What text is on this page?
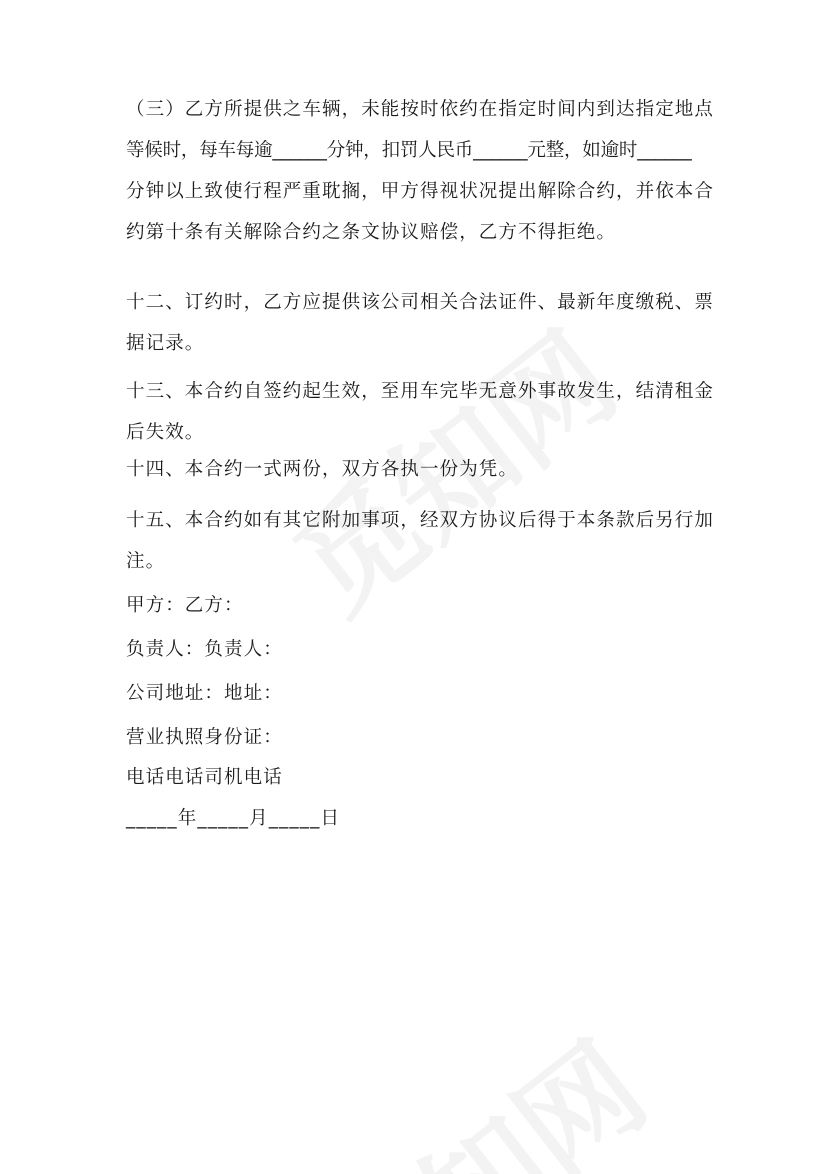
（三）乙方所提供之车辆，未能按时依约在指定时间内到达指定地点
等候时，每车每逾______分钟，扣罚人民币______元整，如逾时______
分钟以上致使行程严重耽搁，甲方得视状况提出解除合约，并依本合
约第十条有关解除合约之条文协议赔偿，乙方不得拒绝。
十二、订约时，乙方应提供该公司相关合法证件、最新年度缴税、票
据记录。
十三、本合约自签约起生效，至用车完毕无意外事故发生，结清租金
后失效。
十四、本合约一式两份，双方各执一份为凭。
十五、本合约如有其它附加事项，经双方协议后得于本条款后另行加
注。
甲方：乙方：
负责人：负责人：
公司地址：地址：
营业执照身份证：
电话电话司机电话
_____年_____月_____日
